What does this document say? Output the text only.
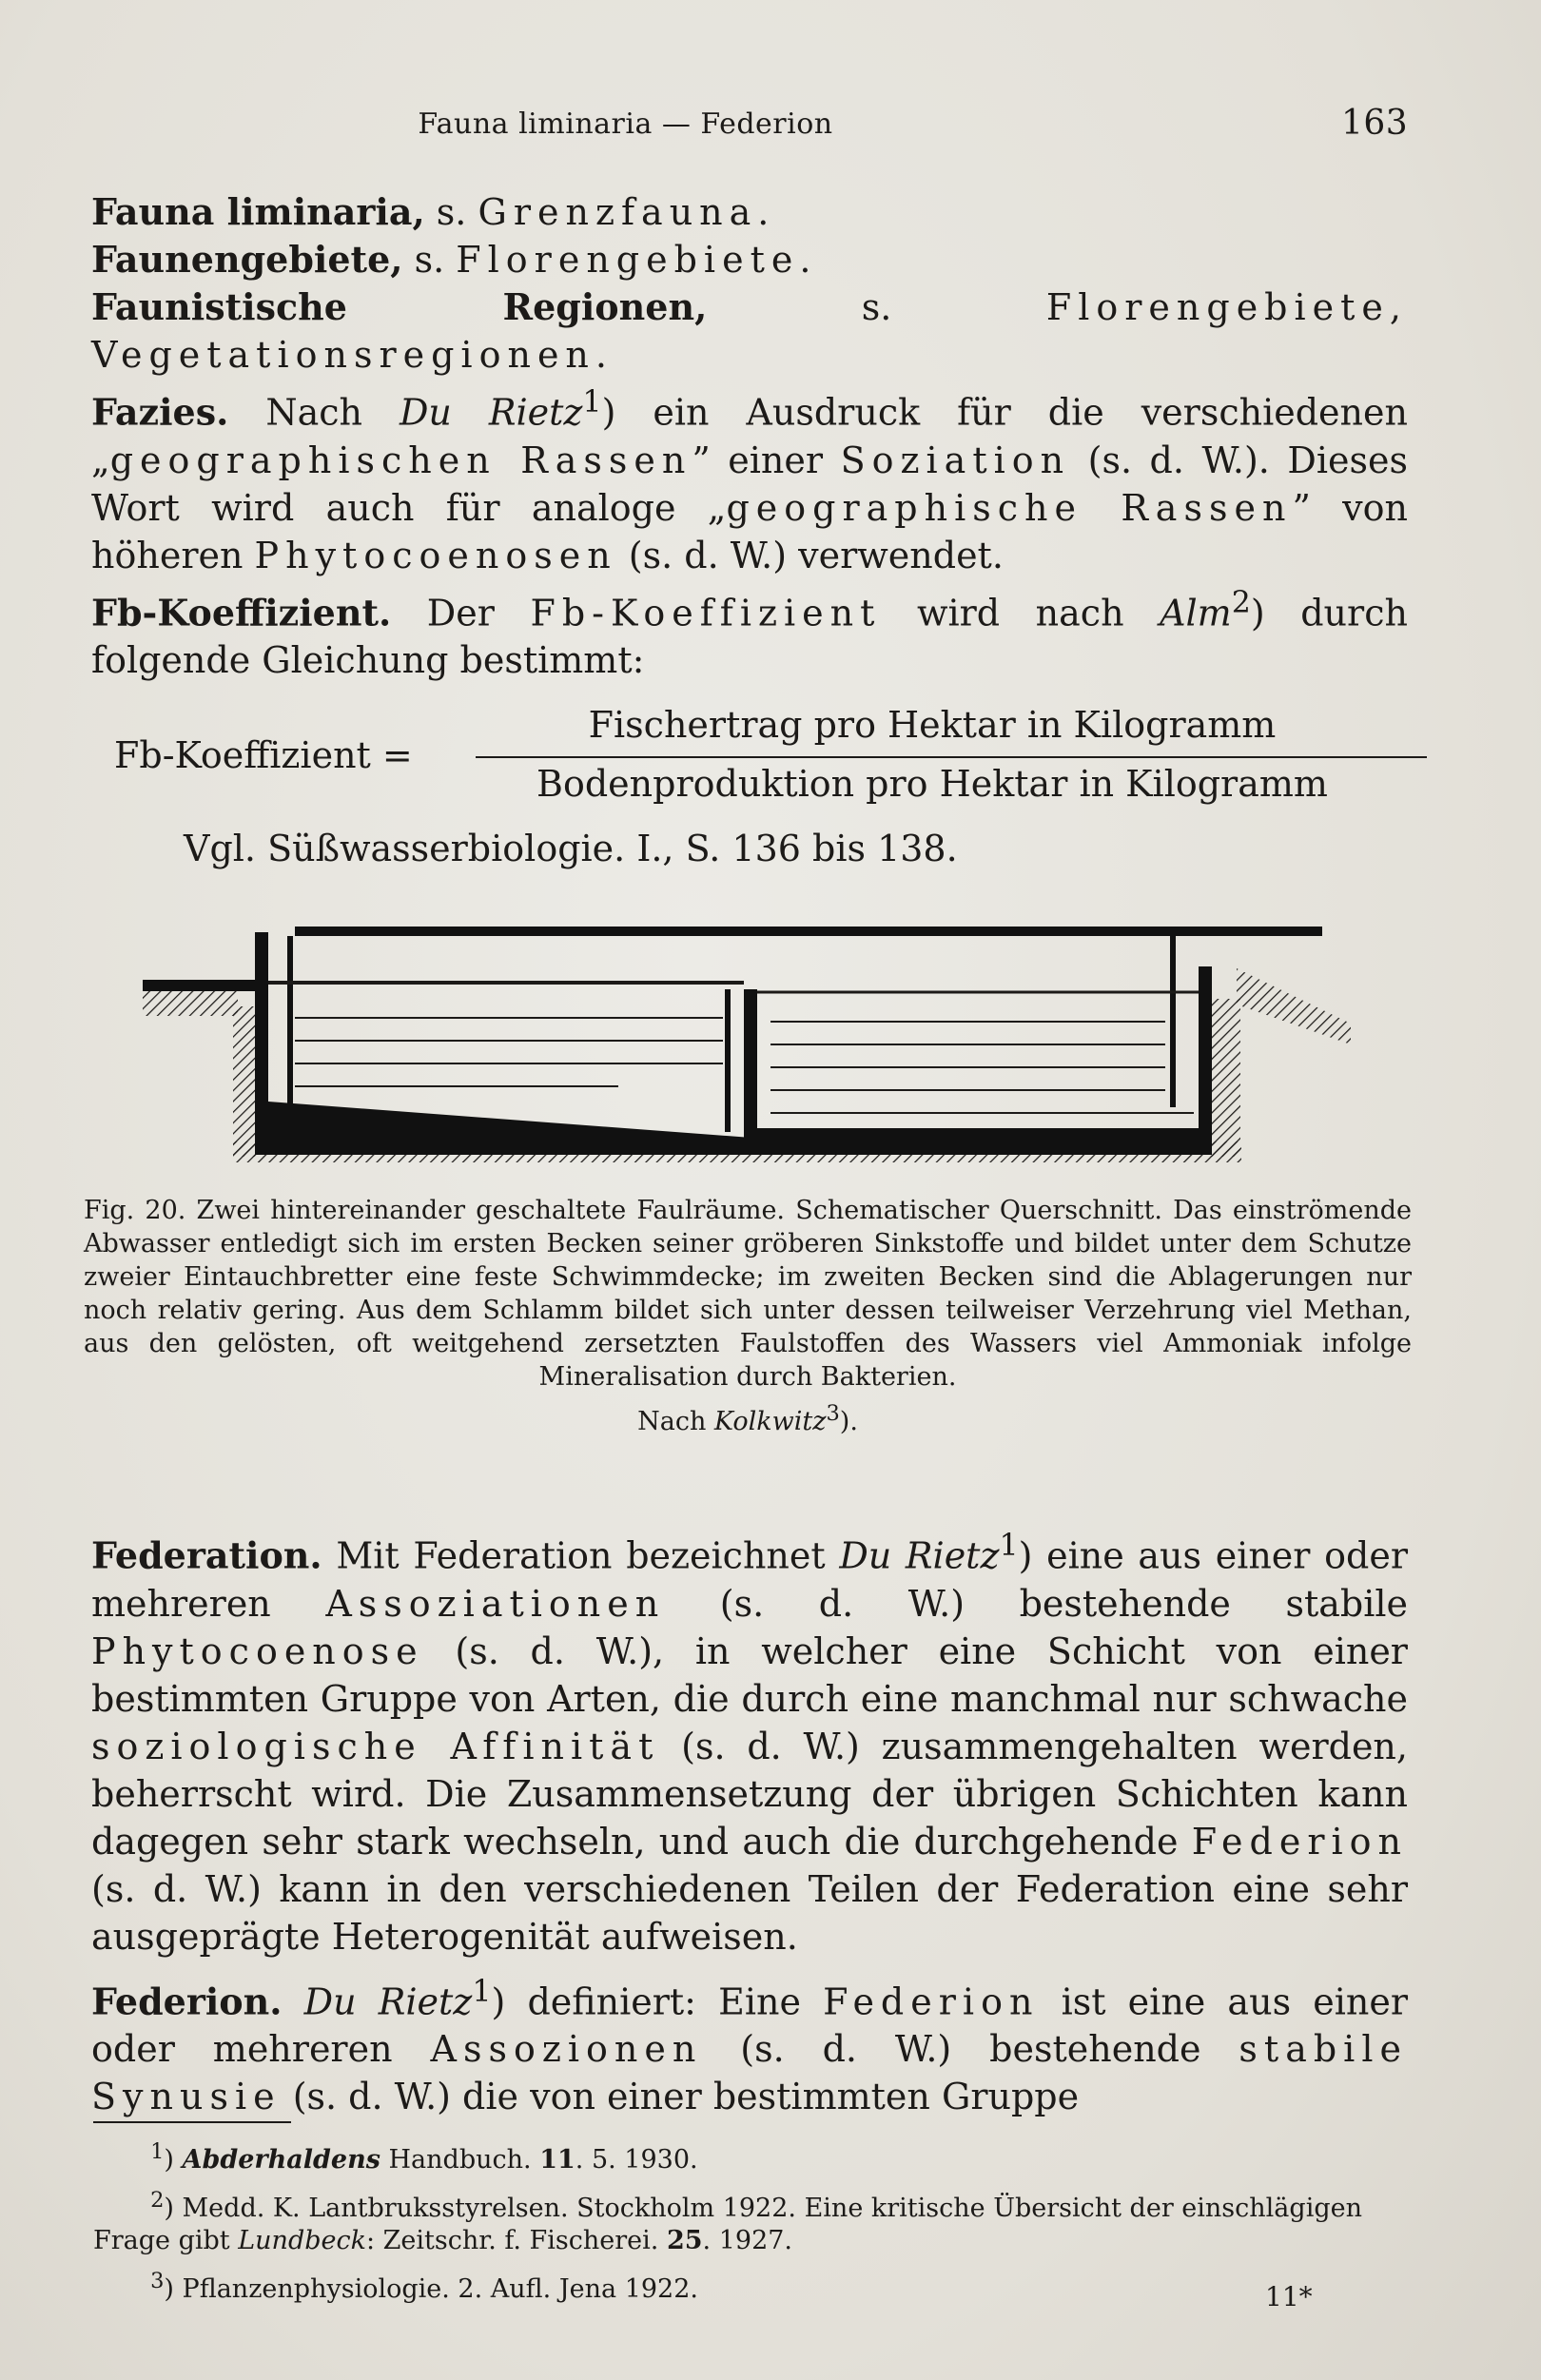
Fauna liminaria — Federion	163

Fauna liminaria, s. Grenzfauna.

Faunengebiete, s. Florengebiete.

Faunistische Regionen,	s.	Florengebiete, Vegetationsregionen.

Fazies. Nach Du Rietz$^1$) ein Ausdruck für die verschiedenen „geographischen Rassen” einer Soziation (s. d. W.). Dieses Wort wird auch für analoge „geographische Rassen” von höheren Phytocoenosen (s. d. W.) verwendet.

Fb-Koeffizient. Der Fb-Koeffizient wird nach Alm$^2$) durch folgende Gleichung bestimmt:

Fb-Koeffizient =
Fischertrag pro Hektar in Kilogramm
Bodenproduktion pro Hektar in Kilogramm
Vgl. Süßwasserbiologie. I., S. 136 bis 138.

Fig. 20. Zwei hintereinander geschaltete Faulräume. Schematischer Querschnitt. Das einströmende Abwasser entledigt sich im ersten Becken seiner gröberen Sinkstoffe und bildet unter dem Schutze zweier Eintauchbretter eine feste Schwimmdecke; im zweiten Becken sind die Ablagerungen nur noch relativ gering. Aus dem Schlamm bildet sich unter dessen teilweiser Verzehrung viel Methan, aus den gelösten, oft weitgehend zersetzten Faulstoffen des Wassers viel Ammoniak infolge Mineralisation durch Bakterien.

Nach Kolkwitz$^3$).

Federation. Mit Federation bezeichnet Du Rietz$^1$) eine aus einer oder mehreren Assoziationen (s. d. W.) bestehende stabile Phytocoenose (s. d. W.), in welcher eine Schicht von einer bestimmten Gruppe von Arten, die durch eine manchmal nur schwache soziologische Affinität (s. d. W.) zusammengehalten werden, beherrscht wird. Die Zusammensetzung der übrigen Schichten kann dagegen sehr stark wechseln, und auch die durchgehende Federion (s. d. W.) kann in den verschiedenen Teilen der Federation eine sehr ausgeprägte Heterogenität aufweisen.

Federion. Du Rietz$^1$) definiert: Eine Federion ist eine aus einer oder mehreren Assozionen (s. d. W.) bestehende stabile Synusie (s. d. W.) die von einer bestimmten Gruppe

$^1$) Abderhaldens Handbuch. 11. 5. 1930.

$^2$) Medd. K. Lantbruksstyrelsen. Stockholm 1922. Eine kritische Übersicht der einschlägigen Frage gibt Lundbeck: Zeitschr. f. Fischerei. 25. 1927.

$^3$) Pflanzenphysiologie. 2. Aufl. Jena 1922.	11*
